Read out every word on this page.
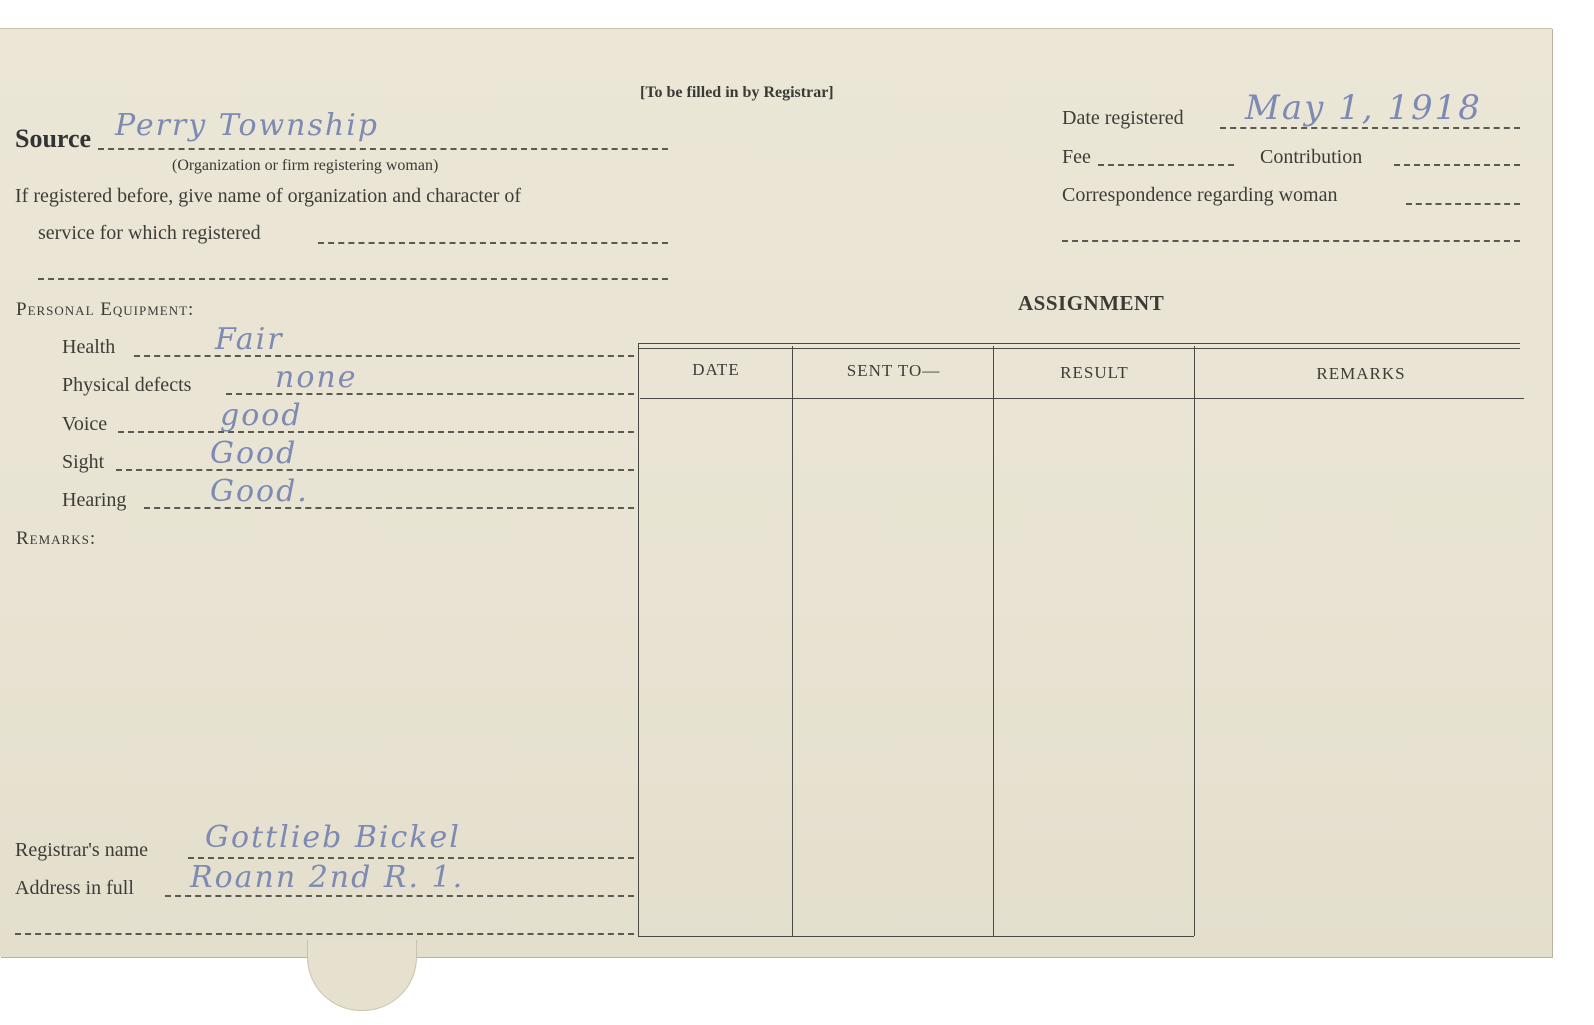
[To be filled in by Registrar]
Source Perry Township
(Organization or firm registering woman)
If registered before, give name of organization and character of
service for which registered
Date registered May 1, 1918
Fee	Contribution
Correspondence regarding woman
Personal Equipment:
Health	Fair
Physical defects	none
Voice	good
Sight	Good
Hearing	Good.
Remarks:
Registrar's name Gottlieb Bickel
Address in full Roann 2nd R. 1.
ASSIGNMENT
DATE	SENT TO—	RESULT	REMARKS
